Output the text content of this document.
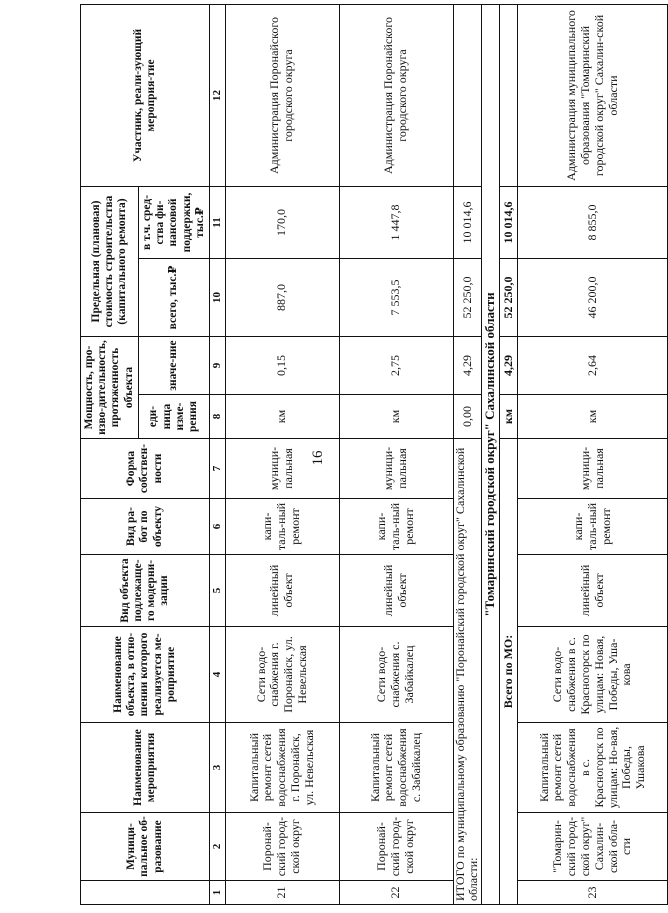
16
	Муници-пальное об-разование	Наименование мероприятия	Наименование объекта, в отно-шении которого реализуется ме-роприятие	Вид объекта подлежаще-го модерни-зации	Вид ра-бот по объекту	Форма собствен-ности	Мощность, про-изво-дительность, протяженность объекта		Предельная (плановая) стоимость строительства (капитального ремонта)		Участник, реали-зующий мероприя-тие
							еди-ница изме-рения	значе-ние	всего, тыс.₽	в т.ч. сред-ства фи-нансовой поддержки, тыс.₽	
1	2	3	4	5	6	7	8	9	10	11	12
21	Поронай-ский город-ской округ	Капитальный ремонт сетей водоснабжения г. Поронайск, ул. Невельская	Сети водо-снабжения г. Поронайск, ул. Невельская	линейный объект	капи-таль-ный ремонт	муници-пальная	км	0,15	887,0	170,0	Администрация Поронайского городского округа
22	Поронай-ский город-ской округ	Капитальный ремонт сетей водоснабжения с. Забайкалец	Сети водо-снабжения с. Забайкалец	линейный объект	капи-таль-ный ремонт	муници-пальная	км	2,75	7 553,5	1 447,8	Администрация Поронайского городского округа
ИТОГО по муниципальному образованию "Поронайский городской округ" Сахалинской области:							0,00	4,29	52 250,0	10 014,6	
"Томаринский городской округ" Сахалинской области											
Всего по МО:							км	4,29	52 250,0	10 014,6	
23	"Томарин-ский город-ской округ" Сахалин-ской обла-сти	Капитальный ремонт сетей водоснабжения в с. Красногорск по улицам: Но-вая, Победы, Ушакова	Сети водо-снабжения в с. Красногорск по улицам: Новая, Победы, Уша-кова	линейный объект	капи-таль-ный ремонт	муници-пальная	км	2,64	46 200,0	8 855,0	Администрация муниципального образования "Томаринский городской округ" Сахалин-ской области
